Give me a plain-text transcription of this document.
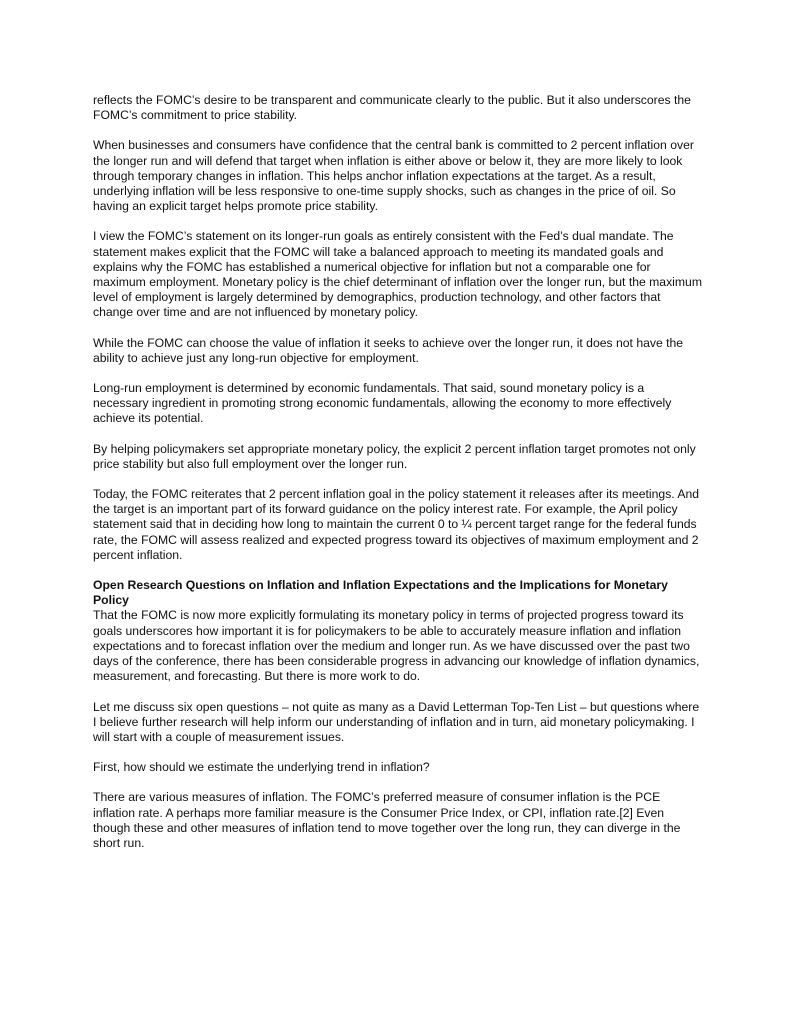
reflects the FOMC’s desire to be transparent and communicate clearly to the public. But it also underscores the FOMC’s commitment to price stability.

When businesses and consumers have confidence that the central bank is committed to 2 percent inflation over the longer run and will defend that target when inflation is either above or below it, they are more likely to look through temporary changes in inflation. This helps anchor inflation expectations at the target. As a result, underlying inflation will be less responsive to one-time supply shocks, such as changes in the price of oil. So having an explicit target helps promote price stability.

I view the FOMC’s statement on its longer-run goals as entirely consistent with the Fed’s dual mandate. The statement makes explicit that the FOMC will take a balanced approach to meeting its mandated goals and explains why the FOMC has established a numerical objective for inflation but not a comparable one for maximum employment. Monetary policy is the chief determinant of inflation over the longer run, but the maximum level of employment is largely determined by demographics, production technology, and other factors that change over time and are not influenced by monetary policy.

While the FOMC can choose the value of inflation it seeks to achieve over the longer run, it does not have the ability to achieve just any long-run objective for employment.

Long-run employment is determined by economic fundamentals. That said, sound monetary policy is a necessary ingredient in promoting strong economic fundamentals, allowing the economy to more effectively achieve its potential.

By helping policymakers set appropriate monetary policy, the explicit 2 percent inflation target promotes not only price stability but also full employment over the longer run.

Today, the FOMC reiterates that 2 percent inflation goal in the policy statement it releases after its meetings. And the target is an important part of its forward guidance on the policy interest rate. For example, the April policy statement said that in deciding how long to maintain the current 0 to ¼ percent target range for the federal funds rate, the FOMC will assess realized and expected progress toward its objectives of maximum employment and 2 percent inflation.

Open Research Questions on Inflation and Inflation Expectations and the Implications for Monetary Policy

That the FOMC is now more explicitly formulating its monetary policy in terms of projected progress toward its goals underscores how important it is for policymakers to be able to accurately measure inflation and inflation expectations and to forecast inflation over the medium and longer run. As we have discussed over the past two days of the conference, there has been considerable progress in advancing our knowledge of inflation dynamics, measurement, and forecasting. But there is more work to do.

Let me discuss six open questions – not quite as many as a David Letterman Top-Ten List – but questions where I believe further research will help inform our understanding of inflation and in turn, aid monetary policymaking. I will start with a couple of measurement issues.

First, how should we estimate the underlying trend in inflation?

There are various measures of inflation. The FOMC’s preferred measure of consumer inflation is the PCE inflation rate. A perhaps more familiar measure is the Consumer Price Index, or CPI, inflation rate.[2] Even though these and other measures of inflation tend to move together over the long run, they can diverge in the short run.
